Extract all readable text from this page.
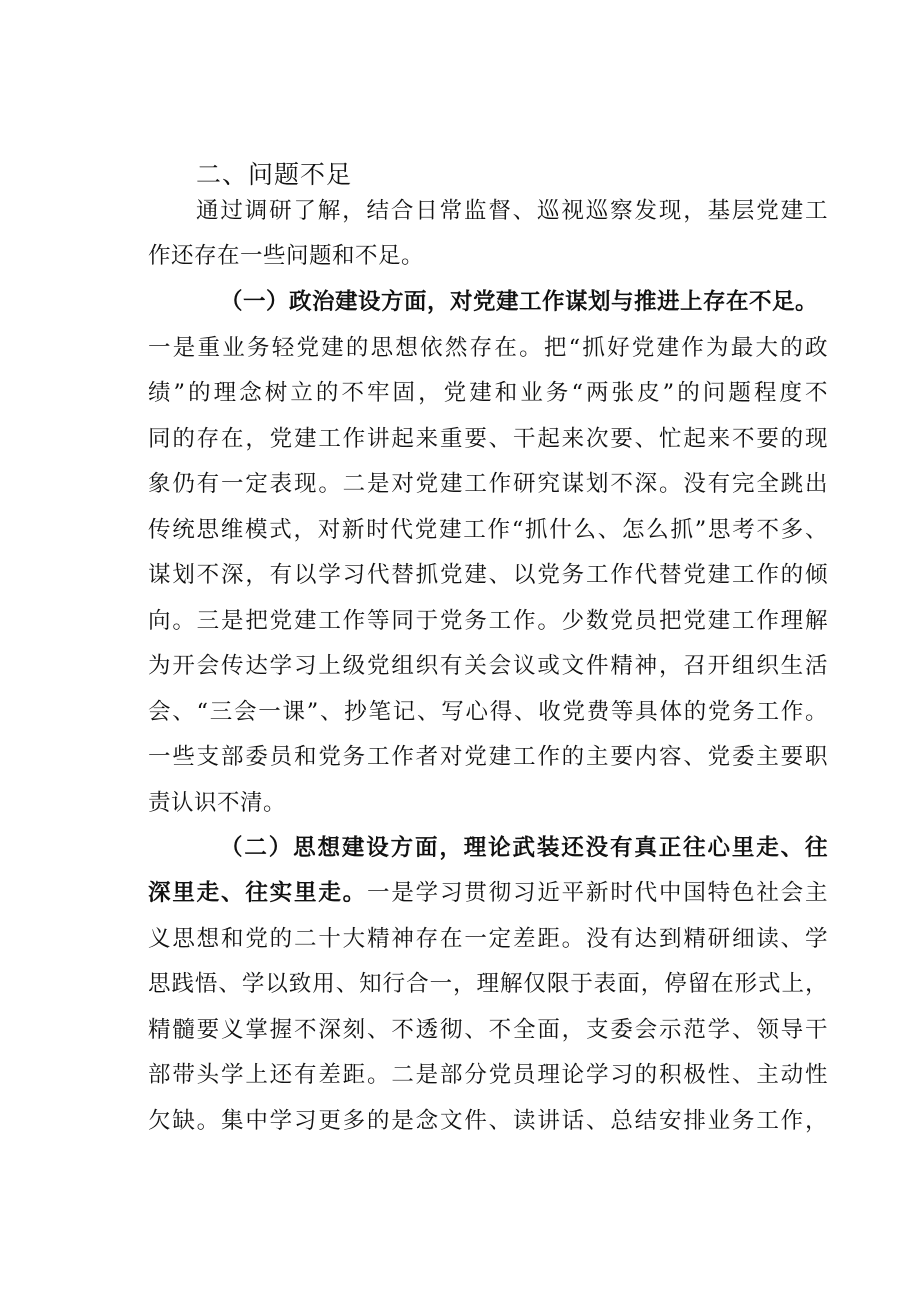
二、问题不足
通过调研了解，结合日常监督、巡视巡察发现，基层党建工
作还存在一些问题和不足。
（一）政治建设方面，对党建工作谋划与推进上存在不足。
一是重业务轻党建的思想依然存在。把“抓好党建作为最大的政
绩”的理念树立的不牢固，党建和业务“两张皮”的问题程度不
同的存在，党建工作讲起来重要、干起来次要、忙起来不要的现
象仍有一定表现。二是对党建工作研究谋划不深。没有完全跳出
传统思维模式，对新时代党建工作“抓什么、怎么抓”思考不多、
谋划不深，有以学习代替抓党建、以党务工作代替党建工作的倾
向。三是把党建工作等同于党务工作。少数党员把党建工作理解
为开会传达学习上级党组织有关会议或文件精神，召开组织生活
会、“三会一课”、抄笔记、写心得、收党费等具体的党务工作。
一些支部委员和党务工作者对党建工作的主要内容、党委主要职
责认识不清。
（二）思想建设方面，理论武装还没有真正往心里走、往
深里走、往实里走。一是学习贯彻习近平新时代中国特色社会主
义思想和党的二十大精神存在一定差距。没有达到精研细读、学
思践悟、学以致用、知行合一，理解仅限于表面，停留在形式上，
精髓要义掌握不深刻、不透彻、不全面，支委会示范学、领导干
部带头学上还有差距。二是部分党员理论学习的积极性、主动性
欠缺。集中学习更多的是念文件、读讲话、总结安排业务工作，
